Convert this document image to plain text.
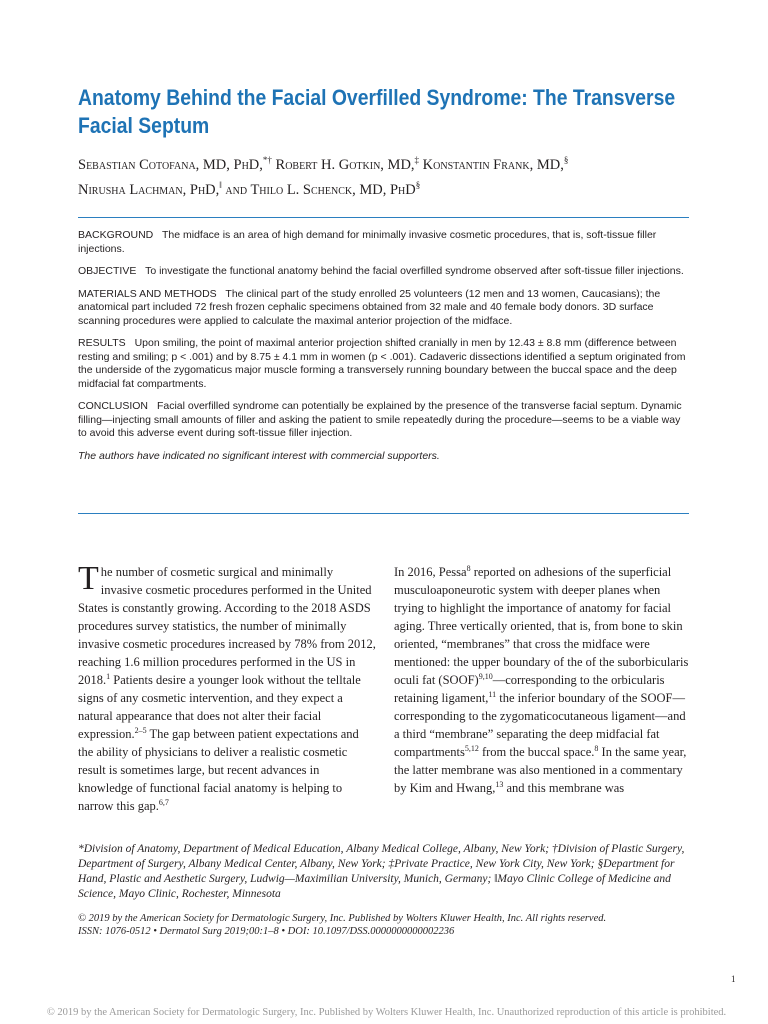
Anatomy Behind the Facial Overfilled Syndrome: The Transverse Facial Septum
Sebastian Cotofana, MD, PhD,*† Robert H. Gotkin, MD,‡ Konstantin Frank, MD,§
Nirusha Lachman, PhD,‖ and Thilo L. Schenck, MD, PhD§

BACKGROUND The midface is an area of high demand for minimally invasive cosmetic procedures, that is, soft-tissue filler injections.

OBJECTIVE To investigate the functional anatomy behind the facial overfilled syndrome observed after soft-tissue filler injections.

MATERIALS AND METHODS The clinical part of the study enrolled 25 volunteers (12 men and 13 women, Caucasians); the anatomical part included 72 fresh frozen cephalic specimens obtained from 32 male and 40 female body donors. 3D surface scanning procedures were applied to calculate the maximal anterior projection of the midface.

RESULTS Upon smiling, the point of maximal anterior projection shifted cranially in men by 12.43 ± 8.8 mm (difference between resting and smiling; p < .001) and by 8.75 ± 4.1 mm in women (p < .001). Cadaveric dissections identified a septum originated from the underside of the zygomaticus major muscle forming a transversely running boundary between the buccal space and the deep midfacial fat compartments.

CONCLUSION Facial overfilled syndrome can potentially be explained by the presence of the transverse facial septum. Dynamic filling—injecting small amounts of filler and asking the patient to smile repeatedly during the procedure—seems to be a viable way to avoid this adverse event during soft-tissue filler injection.

The authors have indicated no significant interest with commercial supporters.

The number of cosmetic surgical and minimally invasive cosmetic procedures performed in the United States is constantly growing. According to the 2018 ASDS procedures survey statistics, the number of minimally invasive cosmetic procedures increased by 78% from 2012, reaching 1.6 million procedures performed in the US in 2018.$^1$ Patients desire a younger look without the telltale signs of any cosmetic intervention, and they expect a natural appearance that does not alter their facial expression.$^{2-5}$ The gap between patient expectations and the ability of physicians to deliver a realistic cosmetic result is sometimes large, but recent advances in knowledge of functional facial anatomy is helping to narrow this gap.$^{6,7}$

In 2016, Pessa$^8$ reported on adhesions of the superficial musculoaponeurotic system with deeper planes when trying to highlight the importance of anatomy for facial aging. Three vertically oriented, that is, from bone to skin oriented, “membranes” that cross the midface were mentioned: the upper boundary of the of the suborbicularis oculi fat (SOOF)$^{9,10}$—corresponding to the orbicularis retaining ligament,$^{11}$ the inferior boundary of the SOOF—corresponding to the zygomaticocutaneous ligament—and a third “membrane” separating the deep midfacial fat compartments$^{5,12}$ from the buccal space.$^8$ In the same year, the latter membrane was also mentioned in a commentary by Kim and Hwang,$^{13}$ and this membrane was

*Division of Anatomy, Department of Medical Education, Albany Medical College, Albany, New York; †Division of Plastic Surgery, Department of Surgery, Albany Medical Center, Albany, New York; ‡Private Practice, New York City, New York; §Department for Hand, Plastic and Aesthetic Surgery, Ludwig—Maximilian University, Munich, Germany; ‖Mayo Clinic College of Medicine and Science, Mayo Clinic, Rochester, Minnesota
© 2019 by the American Society for Dermatologic Surgery, Inc. Published by Wolters Kluwer Health, Inc. All rights reserved.
ISSN: 1076-0512 • Dermatol Surg 2019;00:1–8 • DOI: 10.1097/DSS.0000000000002236
1
© 2019 by the American Society for Dermatologic Surgery, Inc. Published by Wolters Kluwer Health, Inc. Unauthorized reproduction of this article is prohibited.
